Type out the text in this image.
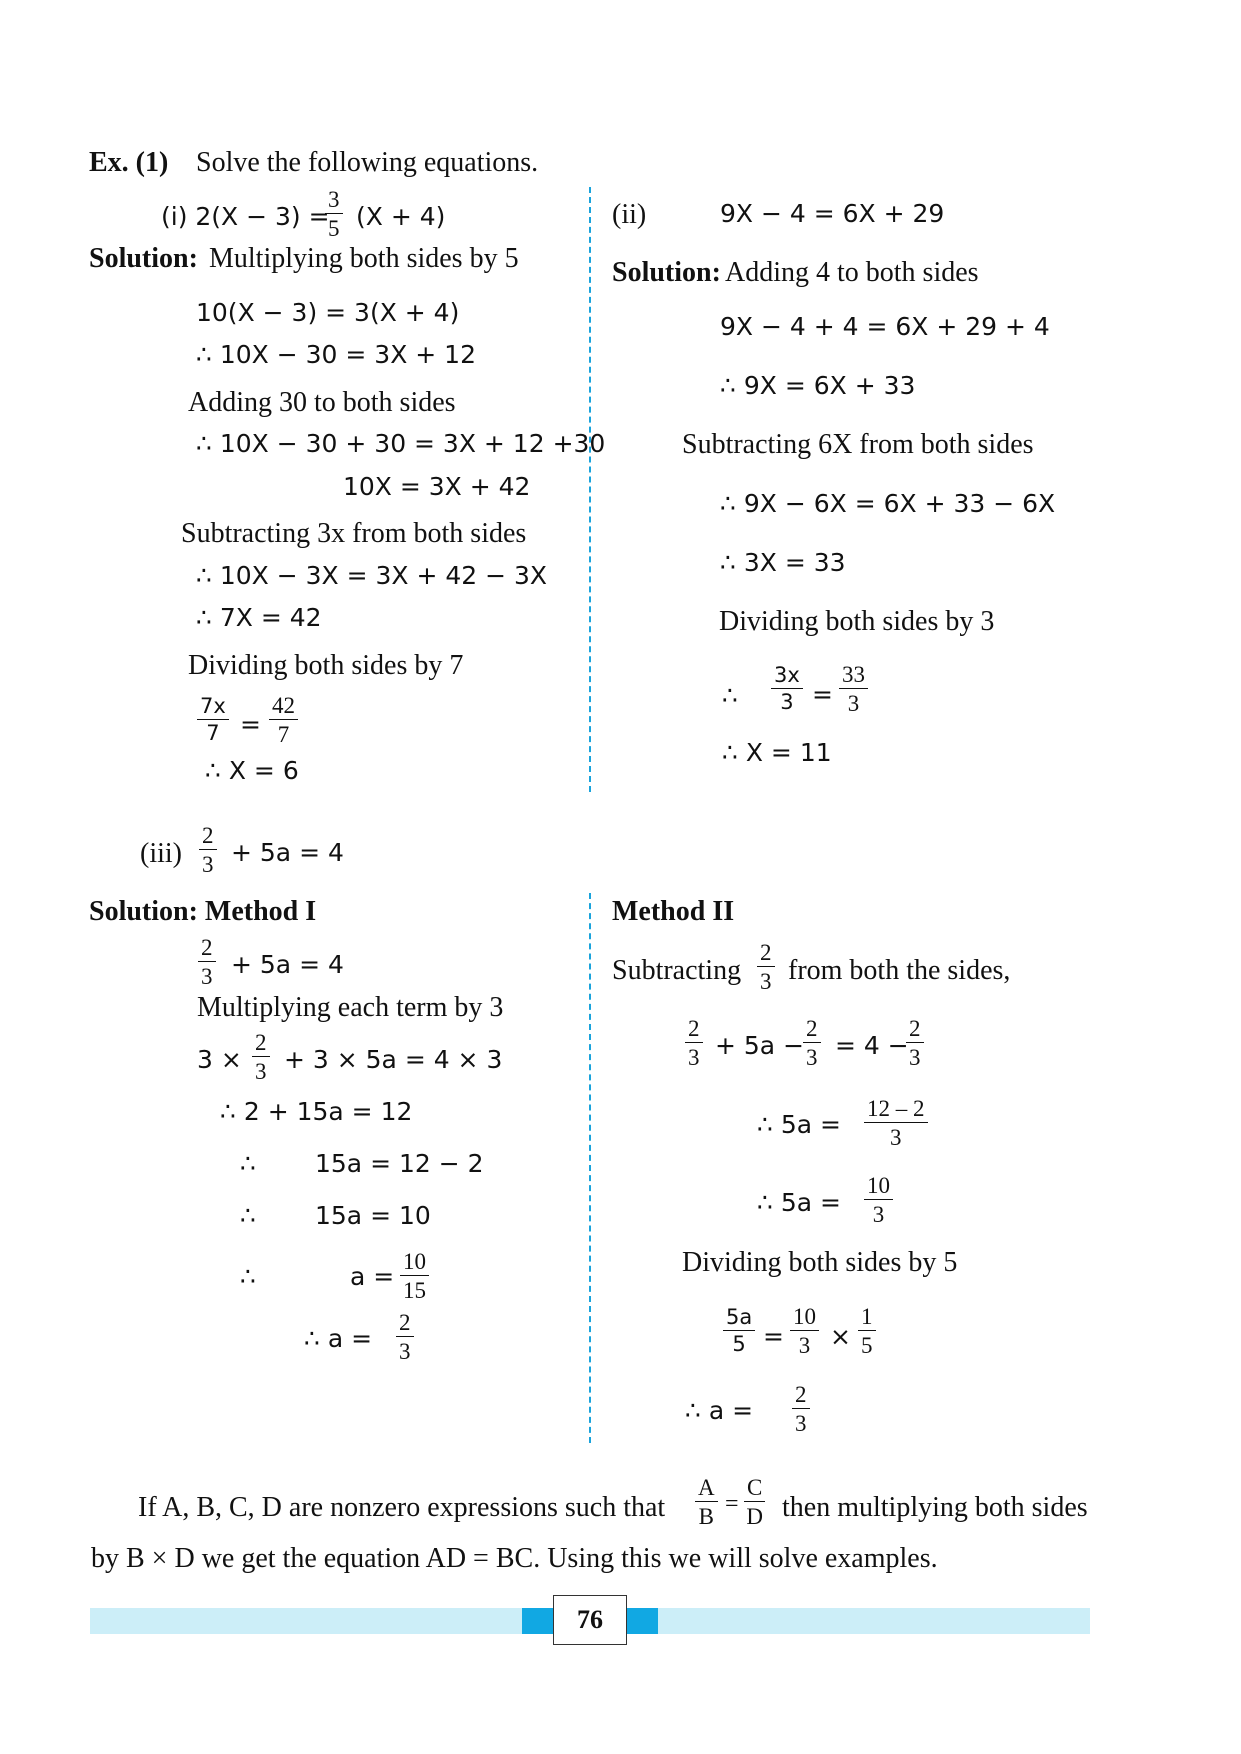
Ex. (1) Solve the following equations.
(i) 2(X − 3) =
$\frac{3}{5} (X + 4)$
Solution: Multiplying both sides by 5
10(X − 3) = 3(X + 4)
∴ 10X − 30 = 3X + 12
Adding 30 to both sides
∴ 10X − 30 + 30 = 3X + 12 +30
10X = 3X + 42
Subtracting 3x from both sides
∴ 10X − 3X = 3X + 42 − 3X
∴ 7X = 42
Dividing both sides by 7
$\frac{7x}{7} = \frac{42}{7}$
∴ X = 6
(ii)	9X − 4 = 6X + 29
Solution: Adding 4 to both sides
9X − 4 + 4 = 6X + 29 + 4
∴ 9X = 6X + 33
Subtracting 6X from both sides
∴ 9X − 6X = 6X + 33 − 6X
∴ 3X = 33
Dividing both sides by 3
∴ $\frac{3x}{3} = \frac{33}{3}$
∴ X = 11
$(iii) \frac{2}{3} + 5a = 4$
Solution: Method I
$\frac{2}{3} + 5a = 4$
Multiplying each term by 3
$3 \times \frac{2}{3} + 3 \times 5a = 4 \times 3$
∴ 2 + 15a = 12
∴ 15a = 12 − 2
∴ 15a = 10
∴	$a = \frac{10}{15}$
∴ $a = \frac{2}{3}$
Method II
Subtracting $\frac{2}{3}$ from both the sides,
$\frac{2}{3} + 5a$ −
$\frac{2}{3} = 4$ −
$\frac{2}{3}$
∴ $5a = \frac{12 - 2}{3}$
∴ $5a = \frac{10}{3}$
Dividing both sides by 5
$\frac{5a}{5} = \frac{10}{3} \times \frac{1}{5}$
∴ $a = \frac{2}{3}$
If A, B, C, D are nonzero expressions such that $\frac{A}{B} = \frac{C}{D}$ then multiplying both sides
by B × D we get the equation AD = BC. Using this we will solve examples.
76
